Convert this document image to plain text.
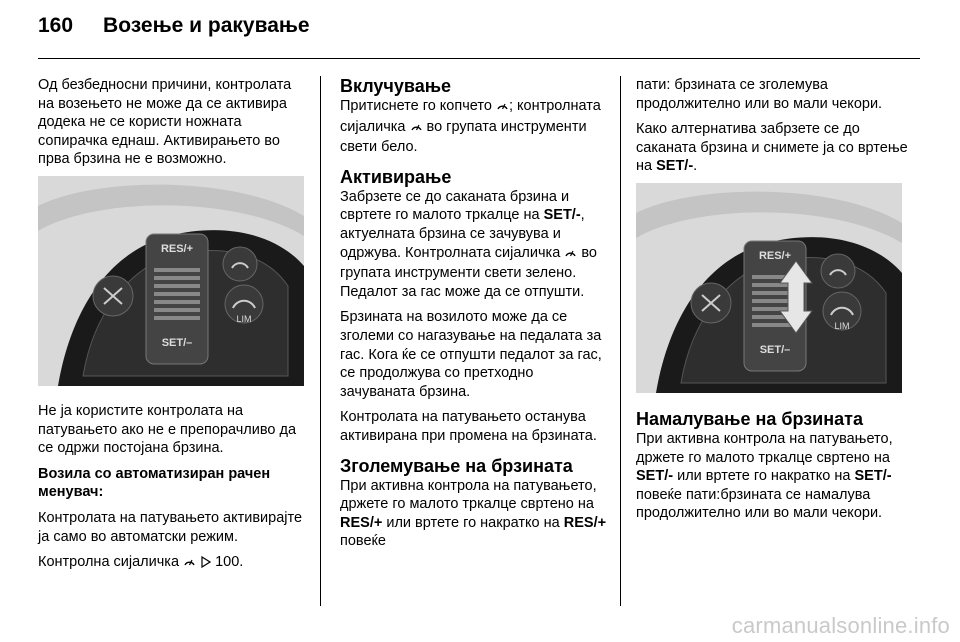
160 Возење и ракување

Од безбедносни причини, контролата на возењето не може да се активира додека не се користи ножната сопирачка еднаш. Активирањето во прва брзина не е возможно.

RES/+
SET/–
LIM

Не ја користите контролата на патувањето ако не е препорачливо да се одржи постојана брзина.

Возила со автоматизиран рачен менувач:

Контролата на патувањето активирајте ја само во автоматски режим.

Контролна сијаличка 100.

Вклучување

Притиснете го копчето ; контролната сијаличка во групата инструменти свети бело.

Активирање

Забрзете се до саканата брзина и свртете го малото тркалце на SET/-, актуелната брзина се зачувува и одржува. Контролната сијаличка во групата инструменти свети зелено. Педалот за гас може да се отпушти.

Брзината на возилото може да се зголеми со нагазување на педалата за гас. Кога ќе се отпушти педалот за гас, се продолжува со претходно зачуваната брзина.

Контролата на патувањето останува активирана при промена на брзината.

Зголемување на брзината

При активна контрола на патувањето, држете го малото тркалце свртено на RES/+ или вртете го накратко на RES/+ повеќе

пати: брзината се зголемува продолжително или во мали чекори.

Како алтернатива забрзете се до саканата брзина и снимете ја со вртење на SET/-.

RES/+
SET/–
LIM
Намалување на брзината

При активна контрола на патувањето, држете го малото тркалце свртено на SET/- или вртете го накратко на SET/- повеќе пати:брзината се намалува продолжително или во мали чекори.

carmanualsonline.info
